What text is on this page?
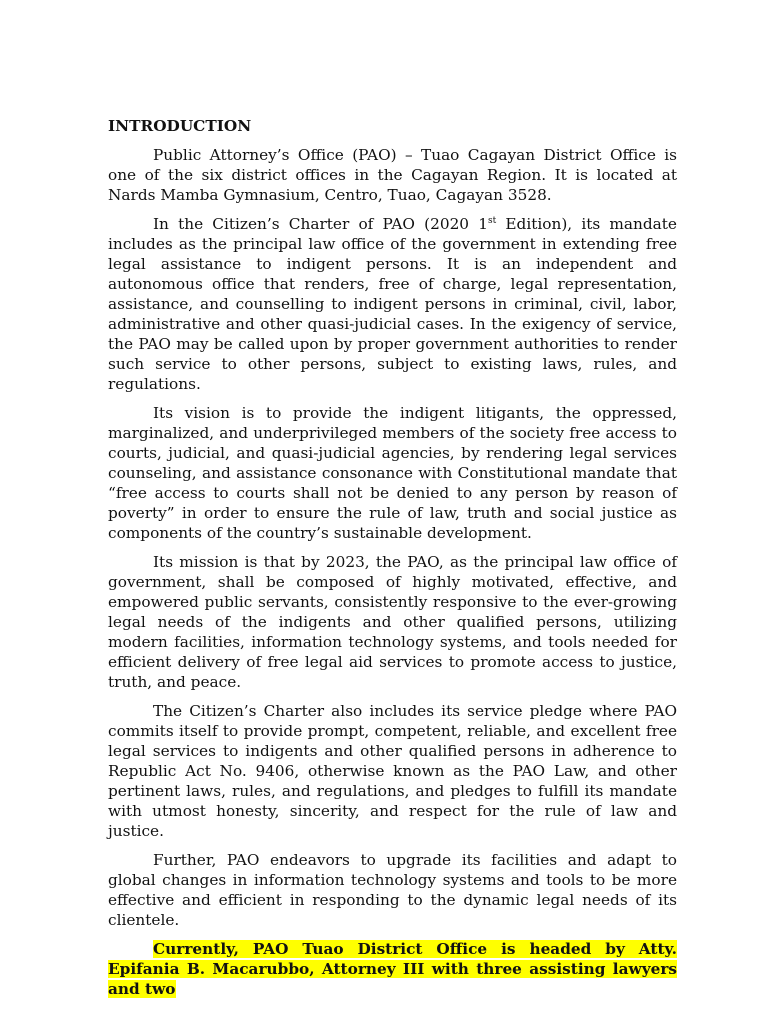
INTRODUCTION

Public Attorney’s Office (PAO) – Tuao Cagayan District Office is one of the six district offices in the Cagayan Region. It is located at Nards Mamba Gymnasium, Centro, Tuao, Cagayan 3528.

In the Citizen’s Charter of PAO (2020 1st Edition), its mandate includes as the principal law office of the government in extending free legal assistance to indigent persons. It is an independent and autonomous office that renders, free of charge, legal representation, assistance, and counselling to indigent persons in criminal, civil, labor, administrative and other quasi-judicial cases. In the exigency of service, the PAO may be called upon by proper government authorities to render such service to other persons, subject to existing laws, rules, and regulations.

Its vision is to provide the indigent litigants, the oppressed, marginalized, and underprivileged members of the society free access to courts, judicial, and quasi-judicial agencies, by rendering legal services counseling, and assistance consonance with Constitutional mandate that “free access to courts shall not be denied to any person by reason of poverty” in order to ensure the rule of law, truth and social justice as components of the country’s sustainable development.

Its mission is that by 2023, the PAO, as the principal law office of government, shall be composed of highly motivated, effective, and empowered public servants, consistently responsive to the ever-growing legal needs of the indigents and other qualified persons, utilizing modern facilities, information technology systems, and tools needed for efficient delivery of free legal aid services to promote access to justice, truth, and peace.

The Citizen’s Charter also includes its service pledge where PAO commits itself to provide prompt, competent, reliable, and excellent free legal services to indigents and other qualified persons in adherence to Republic Act No. 9406, otherwise known as the PAO Law, and other pertinent laws, rules, and regulations, and pledges to fulfill its mandate with utmost honesty, sincerity, and respect for the rule of law and justice.

Further, PAO endeavors to upgrade its facilities and adapt to global changes in information technology systems and tools to be more effective and efficient in responding to the dynamic legal needs of its clientele.

Currently, PAO Tuao District Office is headed by Atty. Epifania B. Macarubbo, Attorney III with three assisting lawyers and two
